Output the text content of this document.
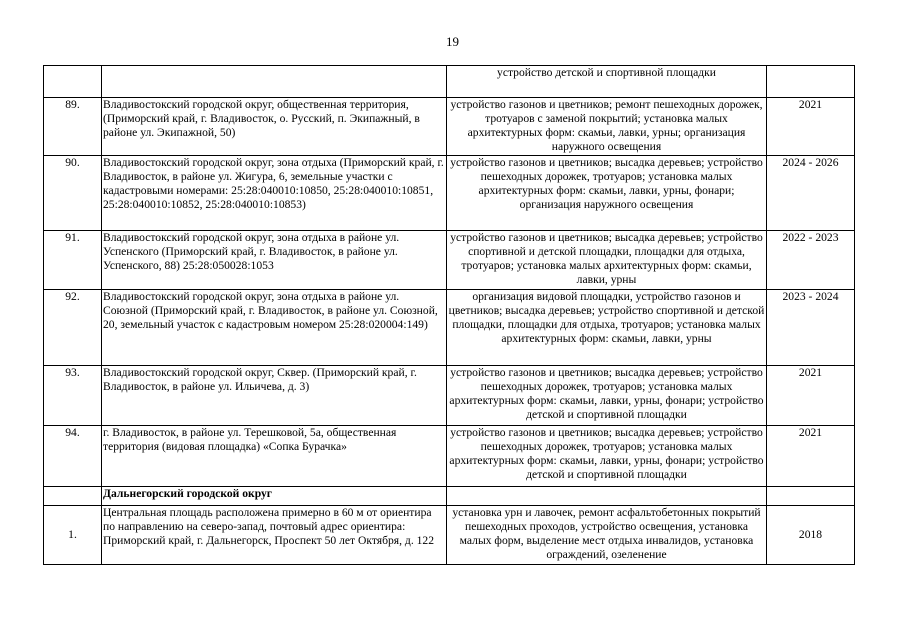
19
		устройство детской и спортивной площадки	
89.	Владивостокский городской округ, общественная территория, (Приморский край, г. Владивосток, о. Русский, п. Экипажный, в районе ул. Экипажной, 50)	устройство газонов и цветников; ремонт пешеходных дорожек, тротуаров с заменой покрытий; установка малых архитектурных форм: скамьи, лавки, урны; организация наружного освещения	2021
90.	Владивостокский городской округ, зона отдыха (Приморский край, г. Владивосток, в районе ул. Жигура, 6, земельные участки с кадастровыми номерами: 25:28:040010:10850, 25:28:040010:10851, 25:28:040010:10852, 25:28:040010:10853)	устройство газонов и цветников; высадка деревьев; устройство пешеходных дорожек, тротуаров; установка малых архитектурных форм: скамьи, лавки, урны, фонари; организация наружного освещения	2024 - 2026
91.	Владивостокский городской округ, зона отдыха в районе ул. Успенского (Приморский край, г. Владивосток, в районе ул. Успенского, 88) 25:28:050028:1053	устройство газонов и цветников; высадка деревьев; устройство спортивной и детской площадки, площадки для отдыха, тротуаров; установка малых архитектурных форм: скамьи, лавки, урны	2022 - 2023
92.	Владивостокский городской округ, зона отдыха в районе ул. Союзной (Приморский край, г. Владивосток, в районе ул. Союзной, 20, земельный участок с кадастровым номером 25:28:020004:149)	организация видовой площадки, устройство газонов и цветников; высадка деревьев; устройство спортивной и детской площадки, площадки для отдыха, тротуаров; установка малых архитектурных форм: скамьи, лавки, урны	2023 - 2024
93.	Владивостокский городской округ, Сквер. (Приморский край, г. Владивосток, в районе ул. Ильичева, д. 3)	устройство газонов и цветников; высадка деревьев; устройство пешеходных дорожек, тротуаров; установка малых архитектурных форм: скамьи, лавки, урны, фонари; устройство детской и спортивной площадки	2021
94.	г. Владивосток, в районе ул. Терешковой, 5а, общественная территория (видовая площадка) «Сопка Бурачка»	устройство газонов и цветников; высадка деревьев; устройство пешеходных дорожек, тротуаров; установка малых архитектурных форм: скамьи, лавки, урны, фонари; устройство детской и спортивной площадки	2021
	Дальнегорский городской округ		
1.	Центральная площадь расположена примерно в 60 м от ориентира по направлению на северо-запад, почтовый адрес ориентира: Приморский край, г. Дальнегорск, Проспект 50 лет Октября, д. 122	установка урн и лавочек, ремонт асфальтобетонных покрытий пешеходных проходов, устройство освещения, установка малых форм, выделение мест отдыха инвалидов, установка ограждений, озеленение	2018
